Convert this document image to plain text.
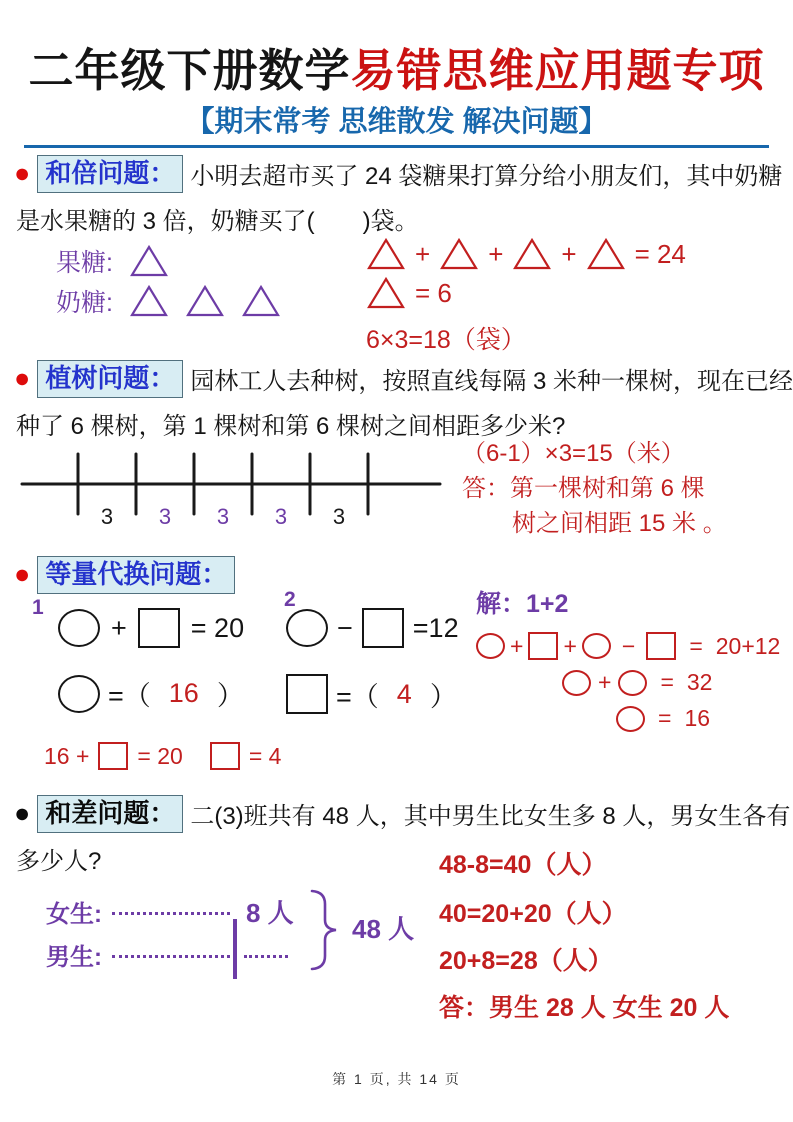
二年级下册数学易错思维应用题专项
【期末常考 思维散发 解决问题】
● 和倍问题： 小明去超市买了 24 袋糖果打算分给小朋友们，其中奶糖
是水果糖的 3 倍，奶糖买了(　　)袋。
果糖:
奶糖:
+ + + = 24
= 6
6×3=18（袋）
● 植树问题： 园林工人去种树，按照直线每隔 3 米种一棵树，现在已经
种了 6 棵树，第 1 棵树和第 6 棵树之间相距多少米?
3 3 3 3 3
（6-1）×3=15（米）
答：第一棵树和第 6 棵
树之间相距 15 米 。
● 等量代换问题：
1
+ = 20
2
− =12
=（ 16 ）	=（ 4 ）
16 + = 20	= 4
解：1+2
+ + −	= 20+12
+ = 32
= 16
● 和差问题： 二(3)班共有 48 人，其中男生比女生多 8 人，男女生各有
多少人?	48-8=40（人）
女生:
男生:
8 人
48 人 40=20+20（人）
20+8=28（人）
答：男生 28 人 女生 20 人
第 1 页, 共 14 页
